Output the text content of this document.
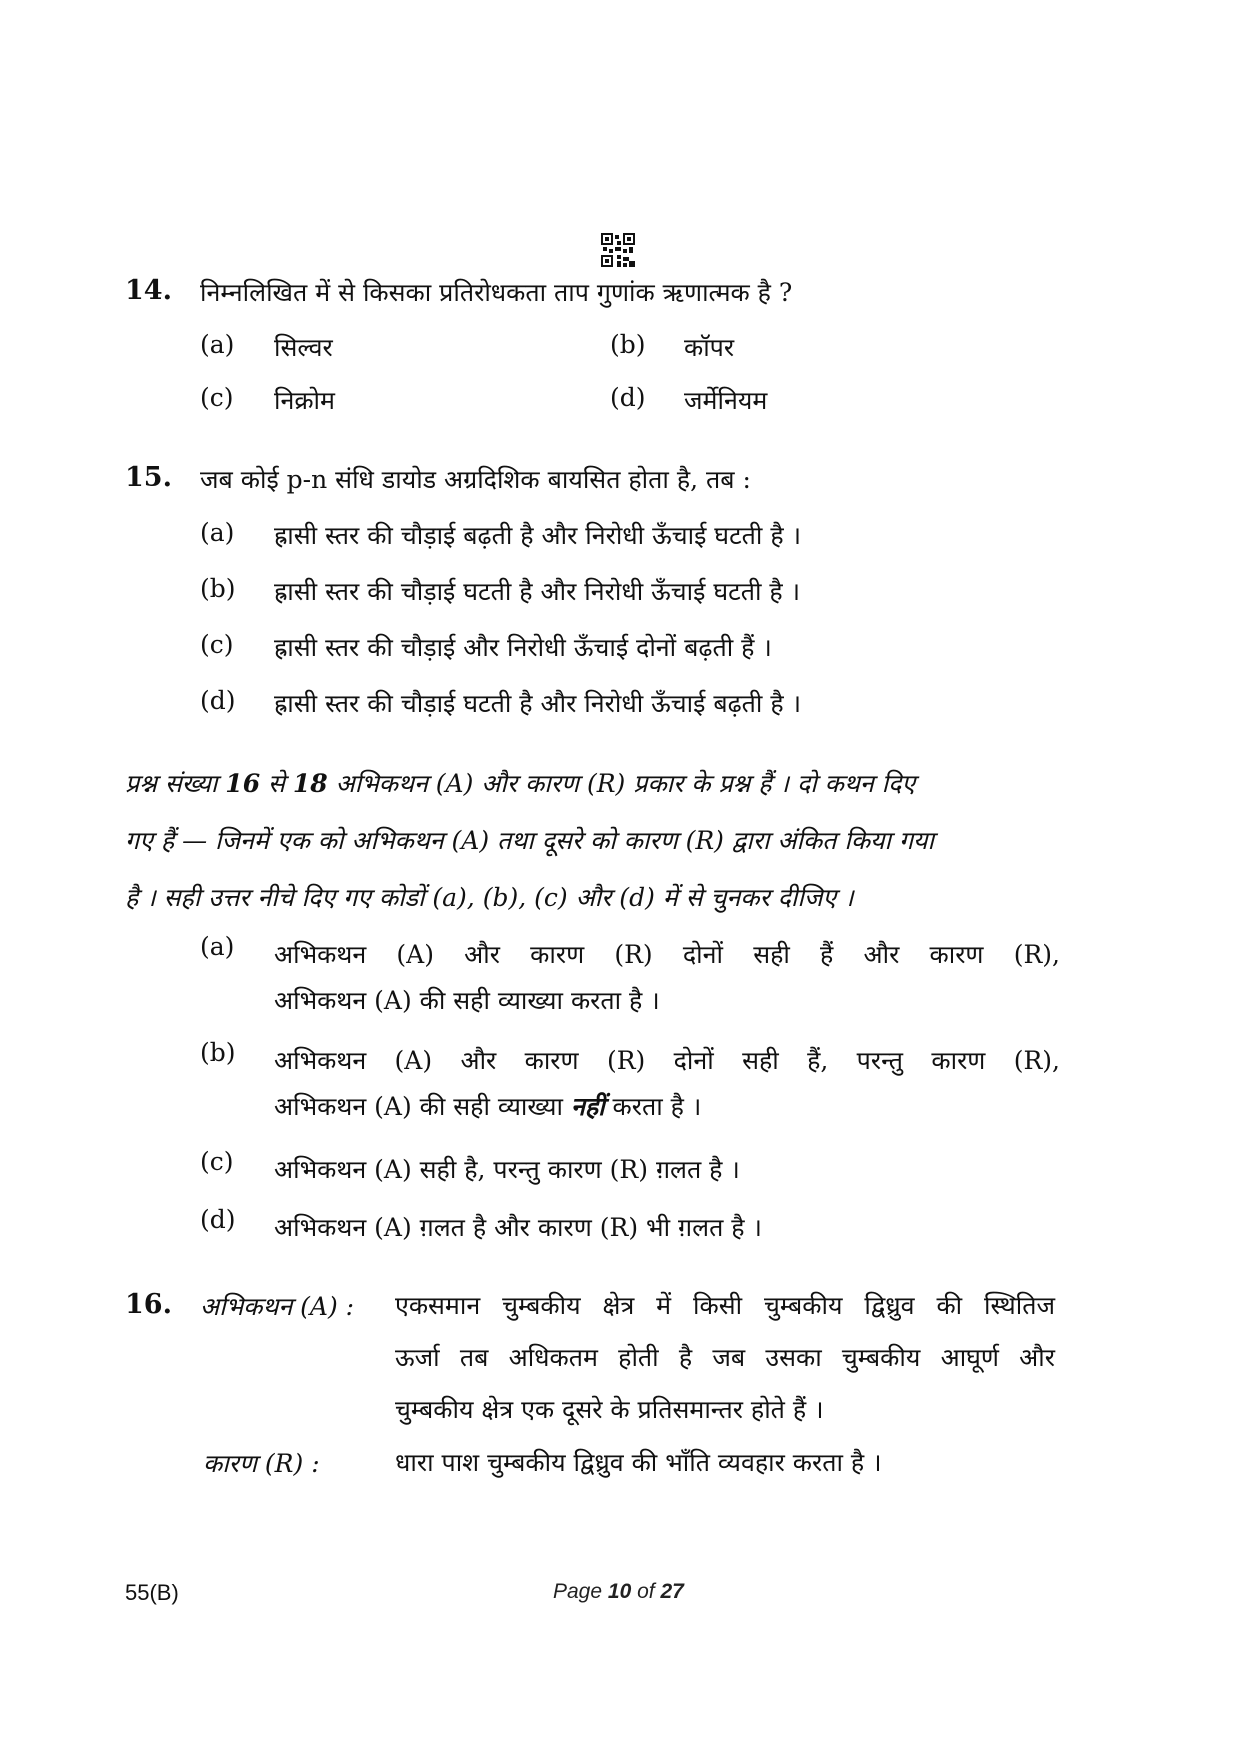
14. निम्नलिखित में से किसका प्रतिरोधकता ताप गुणांक ऋणात्मक है ?
(a) सिल्वर	(b) कॉपर
(c) निक्रोम	(d) जर्मेनियम
15. जब कोई p-n संधि डायोड अग्रदिशिक बायसित होता है, तब :
(a) ह्रासी स्तर की चौड़ाई बढ़ती है और निरोधी ऊँचाई घटती है ।
(b) ह्रासी स्तर की चौड़ाई घटती है और निरोधी ऊँचाई घटती है ।
(c) ह्रासी स्तर की चौड़ाई और निरोधी ऊँचाई दोनों बढ़ती हैं ।
(d) ह्रासी स्तर की चौड़ाई घटती है और निरोधी ऊँचाई बढ़ती है ।

प्रश्न संख्या 16 से 18 अभिकथन (A) और कारण (R) प्रकार के प्रश्न हैं । दो कथन दिए

गए हैं — जिनमें एक को अभिकथन (A) तथा दूसरे को कारण (R) द्वारा अंकित किया गया

है । सही उत्तर नीचे दिए गए कोडों (a), (b), (c) और (d) में से चुनकर दीजिए ।

(a) अभिकथन (A) और कारण (R) दोनों सही हैं और कारण (R),

अभिकथन (A) की सही व्याख्या करता है ।

(b) अभिकथन (A) और कारण (R) दोनों सही हैं, परन्तु कारण (R),

अभिकथन (A) की सही व्याख्या नहीं करता है ।

(c) अभिकथन (A) सही है, परन्तु कारण (R) ग़लत है ।

(d) अभिकथन (A) ग़लत है और कारण (R) भी ग़लत है ।

16. अभिकथन (A) : एकसमान चुम्बकीय क्षेत्र में किसी चुम्बकीय द्विध्रुव की स्थितिज

ऊर्जा तब अधिकतम होती है जब उसका चुम्बकीय आघूर्ण और

चुम्बकीय क्षेत्र एक दूसरे के प्रतिसमान्तर होते हैं ।

कारण (R) :	धारा पाश चुम्बकीय द्विध्रुव की भाँति व्यवहार करता है ।

55(B)	Page 10 of 27
